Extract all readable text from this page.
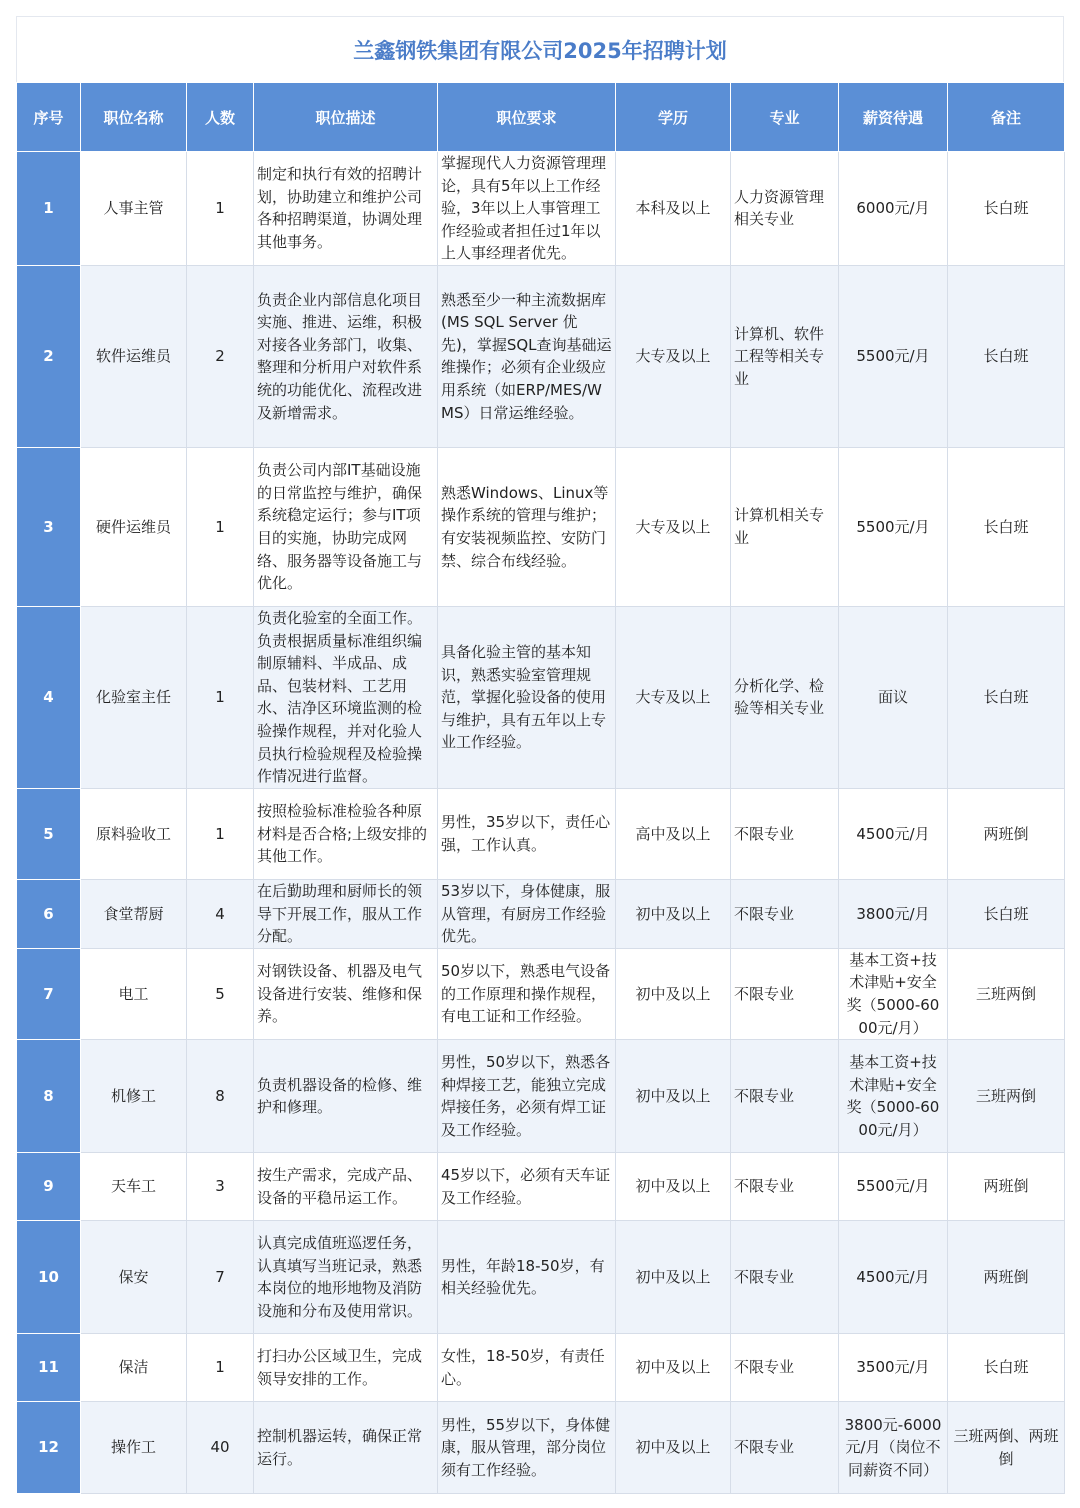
兰鑫钢铁集团有限公司2025年招聘计划
序号	职位名称	人数	职位描述	职位要求	学历	专业	薪资待遇	备注
1	人事主管	1	制定和执行有效的招聘计划，协助建立和维护公司各种招聘渠道，协调处理其他事务。	掌握现代人力资源管理理论，具有5年以上工作经验，3年以上人事管理工作经验或者担任过1年以上人事经理者优先。	本科及以上	人力资源管理相关专业	6000元/月	长白班
2	软件运维员	2	负责企业内部信息化项目实施、推进、运维，积极对接各业务部门，收集、整理和分析用户对软件系统的功能优化、流程改进及新增需求。	熟悉至少一种主流数据库(MS SQL Server 优先)，掌握SQL查询基础运维操作；必须有企业级应用系统（如ERP/MES/WMS）日常运维经验。	大专及以上	计算机、软件工程等相关专业	5500元/月	长白班
3	硬件运维员	1	负责公司内部IT基础设施的日常监控与维护，确保系统稳定运行；参与IT项目的实施，协助完成网络、服务器等设备施工与优化。	熟悉Windows、Linux等操作系统的管理与维护；有安装视频监控、安防门禁、综合布线经验。	大专及以上	计算机相关专业	5500元/月	长白班
4	化验室主任	1	负责化验室的全面工作。负责根据质量标准组织编制原辅料、半成品、成品、包装材料、工艺用水、洁净区环境监测的检验操作规程，并对化验人员执行检验规程及检验操作情况进行监督。	具备化验主管的基本知识，熟悉实验室管理规范，掌握化验设备的使用与维护，具有五年以上专业工作经验。	大专及以上	分析化学、检验等相关专业	面议	长白班
5	原料验收工	1	按照检验标准检验各种原材料是否合格;上级安排的其他工作。	男性，35岁以下，责任心强，工作认真。	高中及以上	不限专业	4500元/月	两班倒
6	食堂帮厨	4	在后勤助理和厨师长的领导下开展工作，服从工作分配。	53岁以下，身体健康，服从管理，有厨房工作经验优先。	初中及以上	不限专业	3800元/月	长白班
7	电工	5	对钢铁设备、机器及电气设备进行安装、维修和保养。	50岁以下，熟悉电气设备的工作原理和操作规程，有电工证和工作经验。	初中及以上	不限专业	基本工资+技术津贴+安全奖（5000-6000元/月）	三班两倒
8	机修工	8	负责机器设备的检修、维护和修理。	男性，50岁以下，熟悉各种焊接工艺，能独立完成焊接任务，必须有焊工证及工作经验。	初中及以上	不限专业	基本工资+技术津贴+安全奖（5000-6000元/月）	三班两倒
9	天车工	3	按生产需求，完成产品、设备的平稳吊运工作。	45岁以下，必须有天车证及工作经验。	初中及以上	不限专业	5500元/月	两班倒
10	保安	7	认真完成值班巡逻任务，认真填写当班记录，熟悉本岗位的地形地物及消防设施和分布及使用常识。	男性，年龄18-50岁，有相关经验优先。	初中及以上	不限专业	4500元/月	两班倒
11	保洁	1	打扫办公区域卫生，完成领导安排的工作。	女性，18-50岁，有责任心。	初中及以上	不限专业	3500元/月	长白班
12	操作工	40	控制机器运转，确保正常运行。	男性，55岁以下，身体健康，服从管理，部分岗位须有工作经验。	初中及以上	不限专业	3800元-6000元/月（岗位不同薪资不同）	三班两倒、两班倒
